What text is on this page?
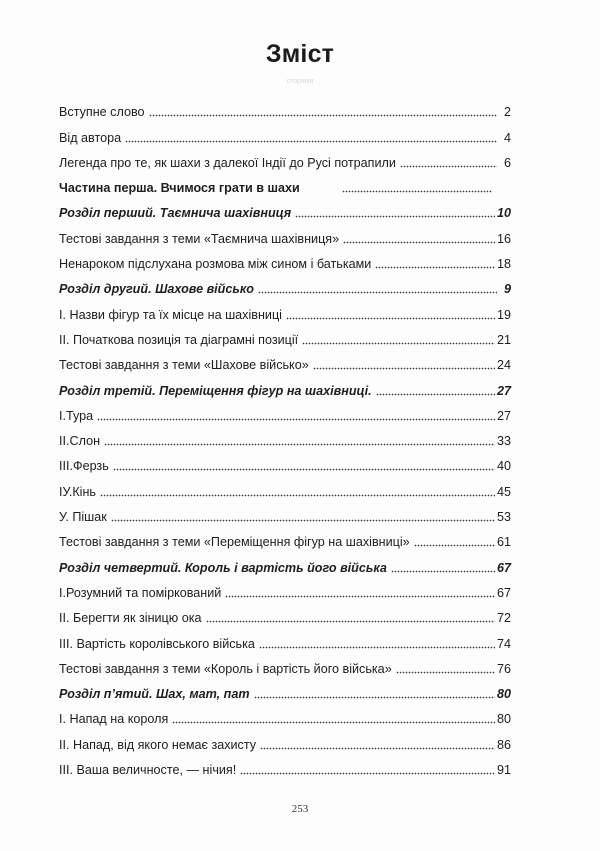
Зміст
сторінки
Вступне слово	2
Від автора	4
Легенда про те, як шахи з далекої Індії до Русі потрапили	6
Частина перша. Вчимося грати в шахи
Розділ перший. Таємнича шахівниця	10
Тестові завдання з теми «Таємнича шахівниця»	16
Ненароком підслухана розмова між сином і батьками	18
Розділ другий. Шахове військо	9
І. Назви фігур та їх місце на шахівниці	19
ІІ. Початкова позиція та діаграмні позиції	21
Тестові завдання з теми «Шахове військо»	24
Розділ третій. Переміщення фігур на шахівниці.	27
І.Тура	27
ІІ.Слон	33
ІІІ.Ферзь	40
ІУ.Кінь	45
У. Пішак	53
Тестові завдання з теми «Переміщення фігур на шахівниці»	61
Розділ четвертий. Король і вартість його війська	67
І.Розумний та поміркований	67
ІІ. Берегти як зіницю ока	72
ІІІ. Вартість королівського війська	74
Тестові завдання з теми «Король і вартість його війська»	76
Розділ п’ятий. Шах, мат, пат	80
І. Напад на короля	80
ІІ. Напад, від якого немає захисту	86
ІІІ. Ваша величносте, — нічия!	91
253
